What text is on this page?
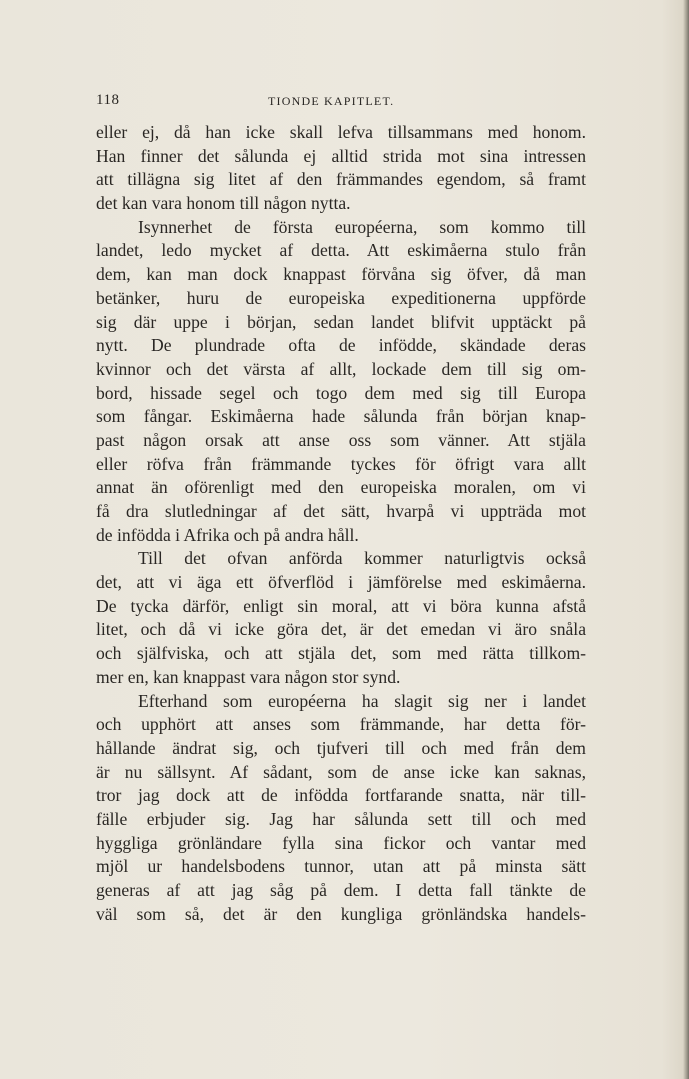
118	TIONDE KAPITLET.
eller ej, då han icke skall lefva tillsammans med honom.
Han finner det sålunda ej alltid strida mot sina intressen
att tillägna sig litet af den främmandes egendom, så framt
det kan vara honom till någon nytta.
Isynnerhet de första européerna, som kommo till
landet, ledo mycket af detta. Att eskimåerna stulo från
dem, kan man dock knappast förvåna sig öfver, då man
betänker, huru de europeiska expeditionerna uppförde
sig där uppe i början, sedan landet blifvit upptäckt på
nytt. De plundrade ofta de infödde, skändade deras
kvinnor och det värsta af allt, lockade dem till sig om-
bord, hissade segel och togo dem med sig till Europa
som fångar. Eskimåerna hade sålunda från början knap-
past någon orsak att anse oss som vänner. Att stjäla
eller röfva från främmande tyckes för öfrigt vara allt
annat än oförenligt med den europeiska moralen, om vi
få dra slutledningar af det sätt, hvarpå vi uppträda mot
de infödda i Afrika och på andra håll.
Till det ofvan anförda kommer naturligtvis också
det, att vi äga ett öfverflöd i jämförelse med eskimåerna.
De tycka därför, enligt sin moral, att vi böra kunna afstå
litet, och då vi icke göra det, är det emedan vi äro snåla
och själfviska, och att stjäla det, som med rätta tillkom-
mer en, kan knappast vara någon stor synd.
Efterhand som européerna ha slagit sig ner i landet
och upphört att anses som främmande, har detta för-
hållande ändrat sig, och tjufveri till och med från dem
är nu sällsynt. Af sådant, som de anse icke kan saknas,
tror jag dock att de infödda fortfarande snatta, när till-
fälle erbjuder sig. Jag har sålunda sett till och med
hyggliga grönländare fylla sina fickor och vantar med
mjöl ur handelsbodens tunnor, utan att på minsta sätt
generas af att jag såg på dem. I detta fall tänkte de
väl som så, det är den kungliga grönländska handels-
